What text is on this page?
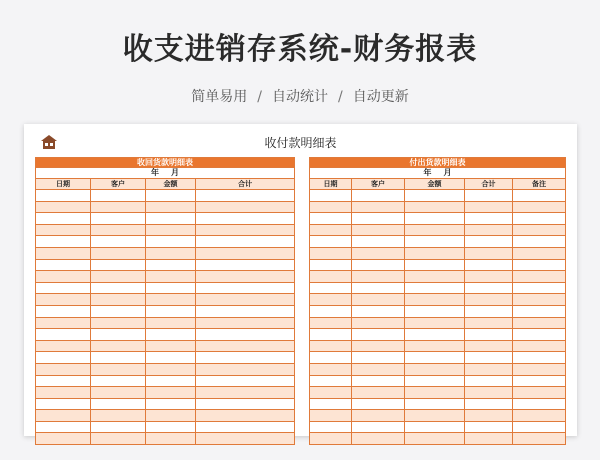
收支进销存系统-财务报表
简单易用 / 自动统计 / 自动更新
收付款明细表
收回货款明细表			
年 月			
日期	客户	金额	合计

付出货款明细表				
年 月				
日期	客户	金额	合计	备注
